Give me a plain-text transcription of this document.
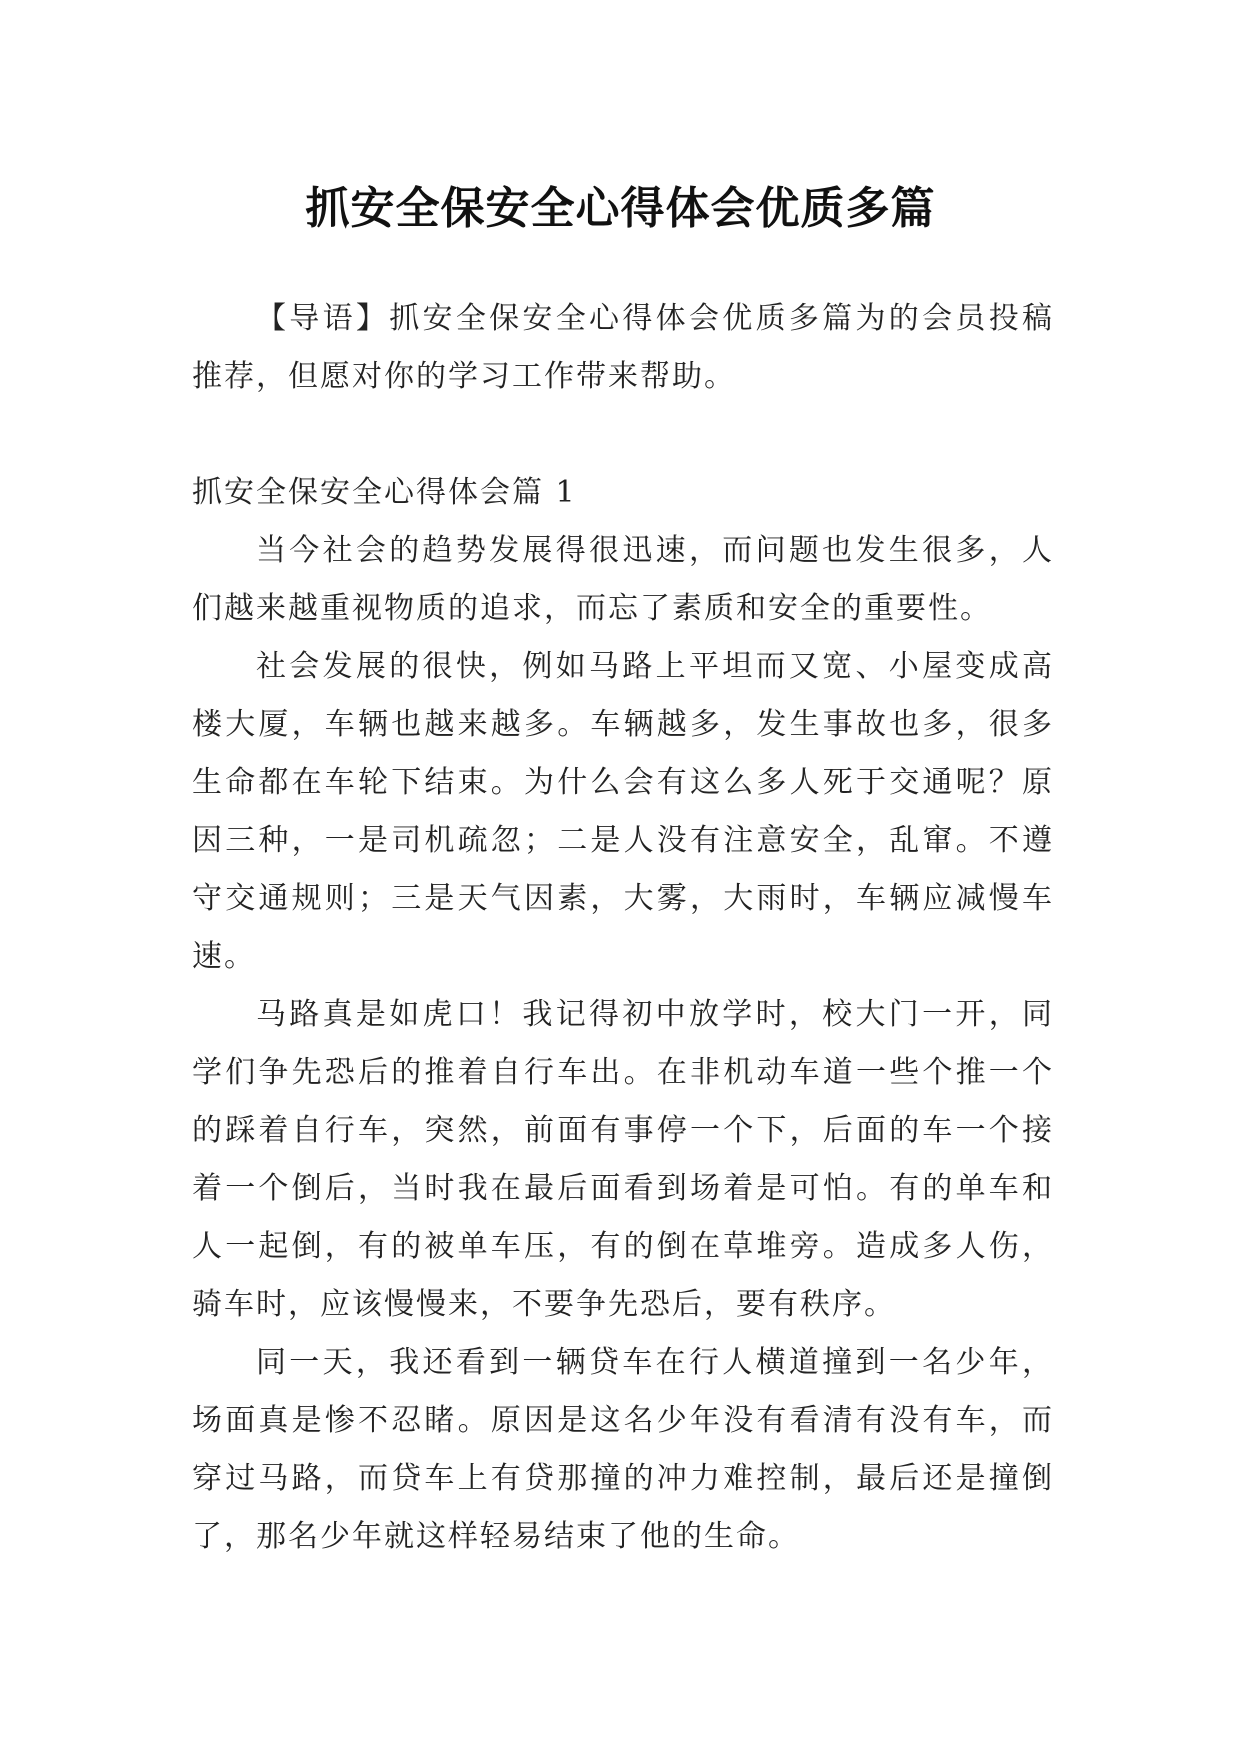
抓安全保安全心得体会优质多篇

【导语】抓安全保安全心得体会优质多篇为的会员投稿推荐，但愿对你的学习工作带来帮助。

抓安全保安全心得体会篇 1

当今社会的趋势发展得很迅速，而问题也发生很多，人们越来越重视物质的追求，而忘了素质和安全的重要性。

社会发展的很快，例如马路上平坦而又宽、小屋变成高楼大厦，车辆也越来越多。车辆越多，发生事故也多，很多生命都在车轮下结束。为什么会有这么多人死于交通呢？原因三种，一是司机疏忽；二是人没有注意安全，乱窜。不遵守交通规则；三是天气因素，大雾，大雨时，车辆应减慢车速。

马路真是如虎口！我记得初中放学时，校大门一开，同学们争先恐后的推着自行车出。在非机动车道一些个推一个的踩着自行车，突然，前面有事停一个下，后面的车一个接着一个倒后，当时我在最后面看到场着是可怕。有的单车和人一起倒，有的被单车压，有的倒在草堆旁。造成多人伤，骑车时，应该慢慢来，不要争先恐后，要有秩序。

同一天，我还看到一辆贷车在行人横道撞到一名少年，场面真是惨不忍睹。原因是这名少年没有看清有没有车，而穿过马路，而贷车上有贷那撞的冲力难控制，最后还是撞倒了，那名少年就这样轻易结束了他的生命。
